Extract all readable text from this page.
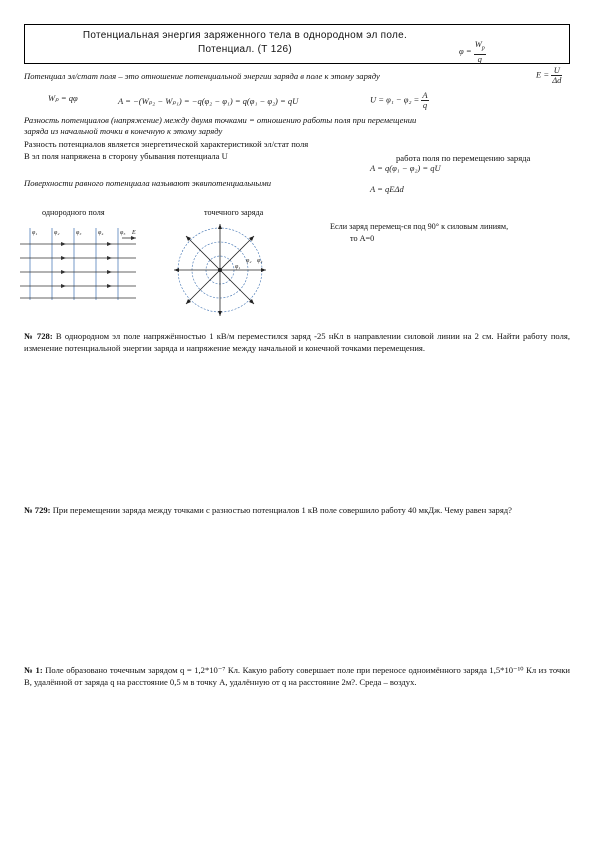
Потенциальная энергия заряженного тела в однородном эл поле.
Потенциал. (Т 126)	$\varphi = \frac{W_p}{q}$
Потенциал эл/стат поля – это отношение потенциальной энергии заряда в поле к этому заряду	$E = \frac{U}{\Delta d}$
Wₚ = qφ	A = −(Wₚ₂ − Wₚ₁) = −q(φ₂ − φ₁) = q(φ₁ − φ₂) = qU	$U = \varphi_1 - \varphi_2 = \frac{A}{q}$
Разность потенциалов (напряжение) между двумя точками = отношению работы поля при перемещении
заряда из начальной точки в конечную к этому заряду
Разность потенциалов является энергетической характеристикой эл/стат поля
В эл поля напряжена в сторону убывания потенциала U	работа поля по перемещению заряда
A = q(φ₁ − φ₂) = qU
Поверхности равного потенциала называют эквипотенциальными
A = qEΔd
однородного поля	точечного заряда
φ₁	φ₂	φ₃	φ₄	φ₅ E
φ₁
φ₂ φ₃
Если заряд перемещ-ся под 90° к силовым линиям,
то A=0
№ 728: В однородном эл поле напряжённостью 1 кВ/м переместился заряд -25 нКл в направлении силовой линии на 2 см. Найти работу поля, изменение потенциальной энергии заряда и напряжение между начальной и конечной точками перемещения.
№ 729: При перемещении заряда между точками с разностью потенциалов 1 кВ поле совершило работу 40 мкДж. Чему равен заряд?
№ 1: Поле образовано точечным зарядом q = 1,2*10⁻⁷ Кл. Какую работу совершает поле при переносе одноимённого заряда 1,5*10⁻¹⁰ Кл из точки В, удалённой от заряда q на расстояние 0,5 м в точку А, удалённую от q на расстояние 2м?. Среда – воздух.
